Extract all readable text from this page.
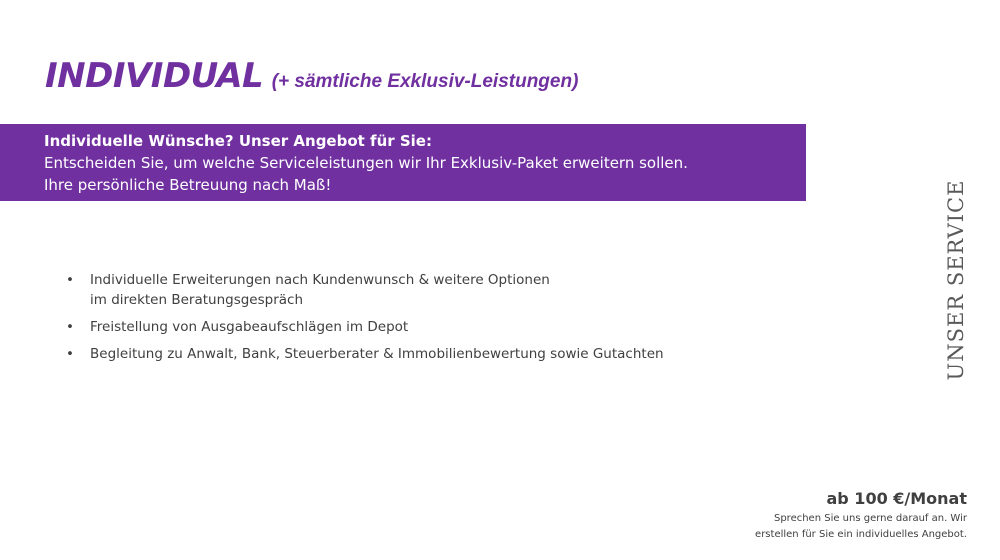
INDIVIDUAL (+ sämtliche Exklusiv-Leistungen)
Individuelle Wünsche? Unser Angebot für Sie:
Entscheiden Sie, um welche Serviceleistungen wir Ihr Exklusiv-Paket erweitern sollen.
Ihre persönliche Betreuung nach Maß!
• Individuelle Erweiterungen nach Kundenwunsch & weitere Optionen
im direkten Beratungsgespräch
• Freistellung von Ausgabeaufschlägen im Depot
• Begleitung zu Anwalt, Bank, Steuerberater & Immobilienbewertung sowie Gutachten	UNSER SERVICE
ab 100 €/Monat
Sprechen Sie uns gerne darauf an. Wir
erstellen für Sie ein individuelles Angebot.
